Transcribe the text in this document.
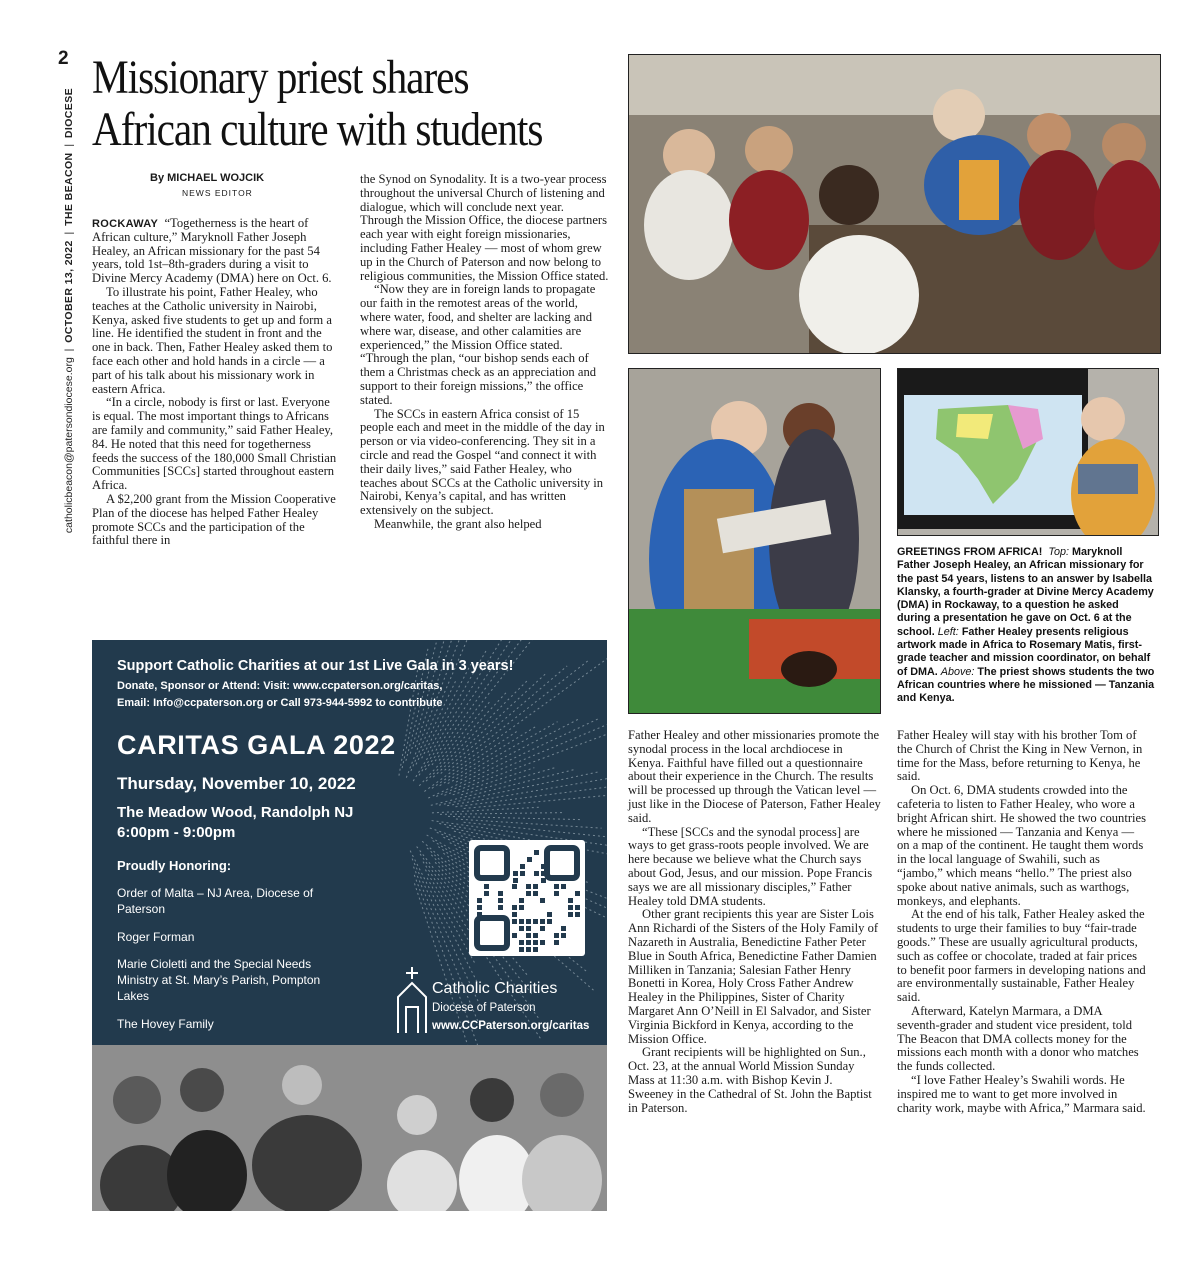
2
catholicbeacon@patersondiocese.org  |  OCTOBER 13, 2022  |  THE BEACON  |  DIOCESE
Missionary priest shares
African culture with students
By MICHAEL WOJCIK
NEWS EDITOR

ROCKAWAY “Togetherness is the heart of African culture,” Maryknoll Father Joseph Healey, an African missionary for the past 54 years, told 1st–8th-graders during a visit to Divine Mercy Academy (DMA) here on Oct. 6.

To illustrate his point, Father Healey, who teaches at the Catholic university in Nairobi, Kenya, asked five students to get up and form a line. He identified the student in front and the one in back. Then, Father Healey asked them to face each other and hold hands in a circle — a part of his talk about his missionary work in eastern Africa.

“In a circle, nobody is first or last. Everyone is equal. The most important things to Africans are family and community,” said Father Healey, 84. He noted that this need for togetherness feeds the success of the 180,000 Small Christian Communities [SCCs] started throughout eastern Africa.

A $2,200 grant from the Mission Cooperative Plan of the diocese has helped Father Healey promote SCCs and the participation of the faithful there in

the Synod on Synodality. It is a two-year process throughout the universal Church of listening and dialogue, which will conclude next year. Through the Mission Office, the diocese partners each year with eight foreign missionaries, including Father Healey — most of whom grew up in the Church of Paterson and now belong to religious communities, the Mission Office stated.

“Now they are in foreign lands to propagate our faith in the remotest areas of the world, where water, food, and shelter are lacking and where war, disease, and other calamities are experienced,” the Mission Office stated. “Through the plan, “our bishop sends each of them a Christmas check as an appreciation and support to their foreign missions,” the office stated.

The SCCs in eastern Africa consist of 15 people each and meet in the middle of the day in person or via video-conferencing. They sit in a circle and read the Gospel “and connect it with their daily lives,” said Father Healey, who teaches about SCCs at the Catholic university in Nairobi, Kenya’s capital, and has written extensively on the subject.

Meanwhile, the grant also helped

GREETINGS FROM AFRICA! Top: Maryknoll Father Joseph Healey, an African missionary for the past 54 years, listens to an answer by Isabella Klansky, a fourth-grader at Divine Mercy Academy (DMA) in Rockaway, to a question he asked during a presentation he gave on Oct. 6 at the school. Left: Father Healey presents religious artwork made in Africa to Rosemary Matis, first-grade teacher and mission coordinator, on behalf of DMA. Above: The priest shows students the two African countries where he missioned — Tanzania and Kenya.
Support Catholic Charities at our 1st Live Gala in 3 years!
Donate, Sponsor or Attend: Visit: www.ccpaterson.org/caritas,
Email: Info@ccpaterson.org or Call 973-944-5992 to contribute
CARITAS GALA 2022
Thursday, November 10, 2022
The Meadow Wood, Randolph NJ
6:00pm - 9:00pm
Proudly Honoring:
Order of Malta – NJ Area, Diocese of Paterson
Roger Forman
Marie Cioletti and the Special Needs Ministry at St. Mary’s Parish, Pompton Lakes
The Hovey Family
Catholic Charities
Diocese of Paterson
www.CCPaterson.org/caritas

Father Healey and other missionaries promote the synodal process in the local archdiocese in Kenya. Faithful have filled out a questionnaire about their experience in the Church. The results will be processed up through the Vatican level — just like in the Diocese of Paterson, Father Healey said.

“These [SCCs and the synodal process] are ways to get grass-roots people involved. We are here because we believe what the Church says about God, Jesus, and our mission. Pope Francis says we are all missionary disciples,” Father Healey told DMA students.

Other grant recipients this year are Sister Lois Ann Richardi of the Sisters of the Holy Family of Nazareth in Australia, Benedictine Father Peter Blue in South Africa, Benedictine Father Damien Milliken in Tanzania; Salesian Father Henry Bonetti in Korea, Holy Cross Father Andrew Healey in the Philippines, Sister of Charity Margaret Ann O’Neill in El Salvador, and Sister Virginia Bickford in Kenya, according to the Mission Office.

Grant recipients will be highlighted on Sun., Oct. 23, at the annual World Mission Sunday Mass at 11:30 a.m. with Bishop Kevin J. Sweeney in the Cathedral of St. John the Baptist in Paterson.

Father Healey will stay with his brother Tom of the Church of Christ the King in New Vernon, in time for the Mass, before returning to Kenya, he said.

On Oct. 6, DMA students crowded into the cafeteria to listen to Father Healey, who wore a bright African shirt. He showed the two countries where he missioned — Tanzania and Kenya — on a map of the continent. He taught them words in the local language of Swahili, such as “jambo,” which means “hello.” The priest also spoke about native animals, such as warthogs, monkeys, and elephants.

At the end of his talk, Father Healey asked the students to urge their families to buy “fair-trade goods.” These are usually agricultural products, such as coffee or chocolate, traded at fair prices to benefit poor farmers in developing nations and are environmentally sustainable, Father Healey said.

Afterward, Katelyn Marmara, a DMA seventh-grader and student vice president, told The Beacon that DMA collects money for the missions each month with a donor who matches the funds collected.

“I love Father Healey’s Swahili words. He inspired me to want to get more involved in charity work, maybe with Africa,” Marmara said.
